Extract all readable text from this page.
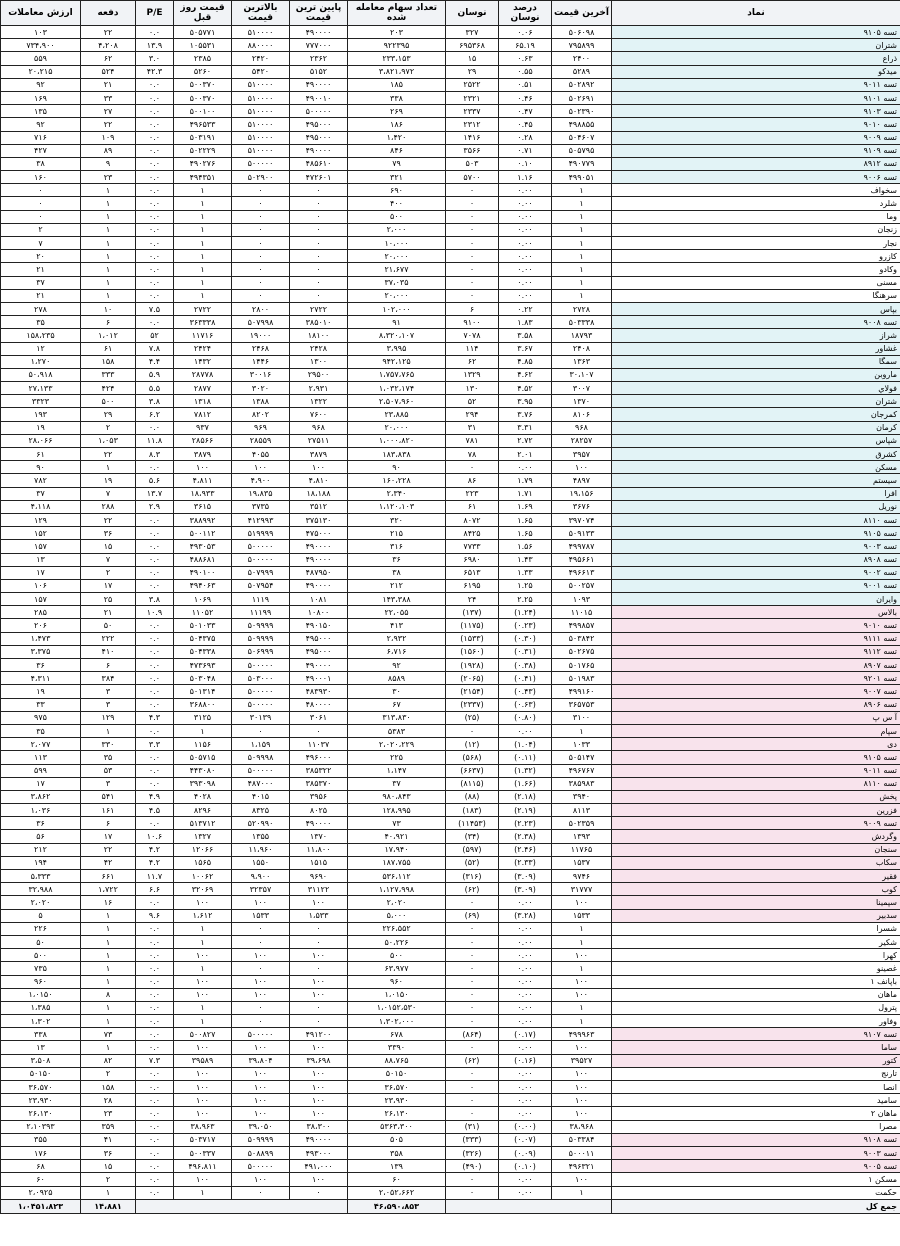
ارزش معاملات	دفعه	P/E	قیمت روز قبل	بالاترین قیمت	پایین ترین قیمت	تعداد سهام معامله شده	نوسان	درصد نوسان	آخرین قیمت	نماد
۱۰۳	۲۲	۰.۰	۵۰۵۷۷۱	۵۱۰۰۰۰	۴۹۰۰۰۰	۲۰۳	۳۲۷	۰.۰۶	۵۰۶۰۹۸	تسه ۹۱۰۵
۷۳۴،۹۰۰	۴،۲۰۸	۱۳.۹	۱۰۵۵۳۱	۸۸۰۰۰۰	۷۷۷۰۰۰	۹۲۲۳۹۵	۶۹۵۳۶۸	۶۵.۱۹	۷۹۵۸۹۹	شتران
۵۵۹	۶۲	۳.۰	۲۳۸۵	۲۴۲۰	۲۳۶۲	۲۳۳،۱۵۳	۱۵	۰.۶۳	۲۴۰۰	ذراع
۲۰،۲۱۵	۵۲۴	۴۲.۳	۵۲۶۰	۵۴۲۰	۵۱۵۲	۳،۸۲۱،۹۷۲	۲۹	۰.۵۵	۵۲۸۹	میدکو
۹۲	۲۱	۰.۰	۵۰۰۳۷۰	۵۱۰۰۰۰	۴۹۰۰۰۰	۱۸۵	۲۵۲۲	۰.۵۱	۵۰۲۸۹۲	تسه ۹۰۱۱
۱۶۹	۳۳	۰.۰	۵۰۰۳۷۰	۵۱۰۰۰۰	۴۹۰۰۱۰	۳۳۸	۲۳۲۱	۰.۴۶	۵۰۲۶۹۱	تسه ۹۱۰۱
۱۳۵	۲۷	۰.۰	۵۰۰۱۰۰	۵۱۰۰۰۰	۵۰۰۰۰۰	۲۶۹	۲۳۳۷	۰.۴۷	۵۰۲۳۹۰	تسه ۹۱۰۳
۹۲	۲۲	۰.۰	۴۹۶۵۳۳	۵۱۰۰۰۰	۴۹۵۰۰۰	۱۸۶	۲۳۱۲	۰.۴۵	۴۹۸۸۵۵	تسه ۹۰۱۰
۷۱۶	۱۰۹	۰.۰	۵۰۳۱۹۱	۵۱۰۰۰۰	۴۹۵۰۰۰	۱،۴۲۰	۱۴۱۶	۰.۲۸	۵۰۴۶۰۷	تسه ۹۰۰۹
۴۲۷	۸۹	۰.۰	۵۰۲۲۲۹	۵۱۰۰۰۰	۴۹۰۰۰۰	۸۴۶	۳۵۶۶	۰.۷۱	۵۰۵۷۹۵	تسه ۹۱۰۹
۳۸	۹	۰.۰	۴۹۰۲۷۶	۵۰۰۰۰۰	۴۸۵۶۱۰	۷۹	۵۰۳	۰.۱۰	۴۹۰۷۷۹	تسه ۸۹۱۲
۱۶۰	۲۳	۰.۰	۴۹۴۳۵۱	۵۰۲۹۰۰	۴۷۲۶۰۱	۳۲۱	۵۷۰۰	۱.۱۶	۴۹۹۰۵۱	تسه ۹۰۰۶
۰	۱	۰.۰	۱	۰	۰	۶۹۰	۰	۰.۰۰	۱	سخواف
۰	۱	۰.۰	۱	۰	۰	۴۰۰	۰	۰.۰۰	۱	شلرد
۰	۱	۰.۰	۱	۰	۰	۵۰۰	۰	۰.۰۰	۱	وما
۲	۱	۰.۰	۱	۰	۰	۲،۰۰۰	۰	۰.۰۰	۱	زنجان
۷	۱	۰.۰	۱	۰	۰	۱۰،۰۰۰	۰	۰.۰۰	۱	نجار
۲۰	۱	۰.۰	۱	۰	۰	۲۰،۰۰۰	۰	۰.۰۰	۱	کازرو
۲۱	۱	۰.۰	۱	۰	۰	۲۱،۶۷۷	۰	۰.۰۰	۱	وکادو
۳۷	۱	۰.۰	۱	۰	۰	۳۷،۰۳۵	۰	۰.۰۰	۱	مسنی
۲۱	۱	۰.۰	۱	۰	۰	۲۰،۰۰۰	۰	۰.۰۰	۱	سرهنگا
۲۷۸	۱۰	۷.۵	۲۷۲۲	۲۸۰۰	۲۷۲۲	۱۰۲،۰۰۰	۶	۰.۲۲	۲۷۲۸	بپاس
۳۵	۶	۰.۰	۳۶۳۳۳۸	۵۰۷۹۹۸	۳۸۵۰۱۰	۹۱	۹۱۰۰	۱.۸۳	۵۰۳۳۳۸	تسه ۹۰۰۸
۱۵۸،۲۳۵	۱،۰۱۲	۵۲	۱۱۷۱۶	۱۹۰۰۰	۱۸۱۰۰	۸،۳۲۰،۱۰۷	۷۰۷۸	۳.۵۸	۱۸۷۹۳	شراز
۱۲	۶۱	۷.۸	۲۴۲۴	۲۴۶۸	۲۴۲۸	۳،۹۹۵	۱۱۴	۳.۶۷	۲۴۰۸	غشاور
۱،۲۷۰	۱۵۸	۴.۴	۱۴۳۲	۱۴۴۶	۱۳۰۰	۹۴۲،۱۲۵	۶۲	۴.۸۵	۱۳۶۳	سمگا
۵۰،۹۱۸	۳۳۳	۵.۹	۲۸۷۷۸	۳۰۰۱۶	۲۹۵۰۰	۱،۷۵۷،۷۶۵	۱۳۲۹	۴.۶۲	۳۰،۱۰۷	ماروبن
۲۷،۱۳۳	۴۲۴	۵.۵	۲۸۷۷	۳۰۲۰	۲،۹۳۱	۱،۰۳۲،۱۷۴	۱۳۰	۴.۵۲	۳۰۰۷	فولاي
۳۳۲۳	۵۰۰	۳.۸	۱۳۱۸	۱۳۸۸	۱۳۲۲	۲،۵۰۷،۹۶۰	۵۲	۳.۹۵	۱۳۷۰	شتران
۱۹۳	۲۹	۶.۲	۷۸۱۲	۸۲۰۲	۷۶۰۰	۲۳،۸۸۵	۲۹۴	۳.۷۶	۸۱۰۶	کمرجان
۱۹	۲	۰.۰	۹۳۷	۹۶۹	۹۶۸	۲۰،۰۰۰	۳۱	۳.۳۱	۹۶۸	کرمان
۲۸،۰۶۶	۱،۰۵۳	۱۱.۸	۲۸۵۶۶	۲۸۵۵۹	۲۷۵۱۱	۱،۰۰۰،۸۲۰	۷۸۱	۲.۷۲	۲۸۲۵۷	شپاس
۶۱	۲۲	۸.۳	۳۸۷۹	۴۰۵۵	۳۸۷۹	۱۸۳،۸۳۸	۷۸	۲.۰۱	۳۹۵۷	کشرق
۹۰	۱	۰.۰	۱۰۰	۱۰۰	۱۰۰	۹۰	۰	۰.۰۰	۱۰۰	مسکن
۷۸۲	۱۹	۵.۶	۴،۸۱۱	۴،۹۰۰	۴،۸۱۰	۱۶۰،۲۲۸	۸۶	۱.۷۹	۴۸۹۷	سیستم
۳۷	۷	۱۳.۷	۱۸،۹۳۳	۱۹،۸۳۵	۱۸،۱۸۸	۲،۳۴۰	۲۲۳	۱.۷۱	۱۹،۱۵۶	افرا
۴،۱۱۸	۲۸۸	۲.۹	۳۶۱۵	۳۷۳۵	۳۵۱۲	۱،۱۲۰،۱۰۳	۶۱	۱.۶۹	۳۶۷۶	نوریل
۱۲۹	۲۲	۰.۰	۳۸۸۹۹۲	۴۱۲۹۹۳	۳۷۵۱۳۰	۳۲۰	۸۰۷۲	۱.۶۵	۳۹۷۰۷۴	تسه ۸۱۱۰
۱۵۲	۳۶	۰.۰	۵۰۰۱۱۲	۵۱۹۹۹۹	۴۷۵۰۰۰	۲۱۵	۸۴۲۵	۱.۶۵	۵۰۹۱۳۳	تسه ۹۱۰۵
۱۵۷	۱۵	۰.۰	۴۹۳۰۵۳	۵۰۰۰۰۰	۴۹۰۰۰۰	۳۱۶	۷۷۳۳	۱.۵۶	۴۹۹۷۸۷	تسه ۹۰۰۳
۱۳	۷	۰.۰	۴۸۸۶۸۱	۵۰۰۰۰۰	۴۹۰۰۰۰	۳۶	۶۹۸۰	۱.۴۳	۴۹۵۶۶۱	تسه ۸۹۰۸
۱۷	۲	۰.۰	۴۹۰۱۰۰	۵۰۷۹۹۹	۴۸۷۹۵۰	۳۸	۶۵۱۳	۱.۳۳	۴۹۶۶۱۳	تسه ۹۰۰۲
۱۰۶	۱۷	۰.۰	۴۹۴۰۶۳	۵۰۷۹۵۴	۴۹۰۰۰۰	۲۱۲	۶۱۹۵	۱.۲۵	۵۰۰۲۵۷	تسه ۹۰۰۱
۱۵۷	۲۵	۳.۸	۱۰۶۹	۱۱۱۹	۱۰۸۱	۱۴۳،۳۸۸	۲۴	۲.۲۵	۱۰۹۳	وایران
۲۸۵	۲۱	۱۰.۹	۱۱۰۵۲	۱۱۱۹۹	۱۰۸۰۰	۲۲،۰۵۵	(۱۳۷)	(۱.۲۴)	۱۱۰۱۵	بالاس
۲۰۶	۵۰	۰.۰	۵۰۱۰۳۳	۵۰۹۹۹۹	۴۹۰۱۵۰	۴۱۳	(۱۱۷۵)	(۰.۲۳)	۴۹۹۸۵۷	تسه ۹۰۱۰
۱،۴۷۳	۲۲۲	۰.۰	۵۰۴۳۷۵	۵۰۹۹۹۹	۴۹۵۰۰۰	۲،۹۳۲	(۱۵۳۳)	(۰.۳۰)	۵۰۳۸۴۲	تسه ۹۱۱۱
۳،۳۷۵	۴۱۰	۰.۰	۵۰۴۳۳۸	۵۰۶۹۹۹	۴۹۵۰۰۰	۶،۷۱۶	(۱۵۶۰)	(۰.۳۱)	۵۰۲۶۷۵	تسه ۹۱۱۲
۳۶	۶	۰.۰	۴۷۳۶۹۳	۵۰۰۰۰۰	۴۹۰۰۰۰	۹۲	(۱۹۲۸)	(۰.۳۸)	۵۰۱۷۶۵	تسه ۸۹۰۷
۴،۳۱۱	۳۸۴	۰.۰	۵۰۳۰۴۸	۵۰۳۰۰۰	۴۹۰۰۰۱	۸۵۸۹	(۲۰۶۵)	(۰.۴۱)	۵۰۱۹۸۳	تسه ۹۲۰۱
۱۹	۳	۰.۰	۵۰۱۳۱۴	۵۰۰۰۰۰	۴۸۳۹۳۰	۳۰	(۲۱۵۴)	(۰.۴۳)	۴۹۹۱۶۰	تسه ۹۰۰۷
۳۳	۳	۰.۰	۳۶۸۸۰۰	۵۰۰۰۰۰	۴۸۰۰۰۰	۶۷	(۲۳۳۷)	(۰.۶۳)	۳۶۵۷۵۳	تسه ۸۹۰۶
۹۷۵	۱۲۹	۴.۳	۳۱۲۵	۳۰۱۳۹	۳۰۶۱	۳۱۳،۸۳۰	(۲۵)	(۰.۸۰)	۳۱۰۰	آ س پ
۳۵	۱	۰.۰	۱	۰	۰	۵۳۸۳	۰	۰.۰۰	۱	سپام
۲،۰۷۷	۳۳۰	۳.۳	۱۱۵۶	۱،۱۵۹	۱۱۰۳۷	۲،۰۲۰،۲۲۹	(۱۲)	(۱.۰۴)	۱۰۳۳	دی
۱۱۳	۳۵	۰.۰	۵۰۵۷۱۵	۵۰۹۹۹۸	۴۹۶۰۰۰	۲۲۵	(۵۶۸)	(۰.۱۱)	۵۰۵۱۴۷	تسه ۹۱۰۵
۵۹۹	۵۳	۰.۰	۴۴۳۰۸۰	۵۰۰۰۰۰	۳۸۵۳۲۲	۱،۱۴۷	(۶۶۳۷)	(۱.۳۲)	۴۹۶۷۶۷	تسه ۹۰۱۱
۱۷	۳	۰.۰	۳۹۳۰۹۸	۴۸۷۰۰۰	۳۸۵۳۷۰	۳۷	(۸۱۱۵)	(۱.۶۶)	۳۸۵۹۸۳	تسه ۸۱۱۰
۳،۸۶۲	۵۴۱	۴.۹	۴۰۲۸	۴۰۱۵	۳۹۵۶	۹۸۰،۸۴۳	(۸۸)	(۲.۱۸)	۳۹۴۰	پخش
۱،۰۳۶	۱۶۱	۴.۵	۸۲۹۶	۸۳۲۵	۸۰۲۵	۱۲۸،۹۹۵	(۱۸۳)	(۲.۱۹)	۸۱۱۳	فزرین
۳۶	۶	۰.۰	۵۱۳۷۱۲	۵۲۰۹۹۰	۴۹۰۰۰۰	۷۳	(۱۱۴۵۳)	(۲.۲۳)	۵۰۲۳۵۹	تسه ۹۰۰۹
۵۶	۱۷	۱۰.۶	۱۳۲۷	۱۳۵۵	۱۳۷۰	۴۰،۹۲۱	(۳۴)	(۲.۳۸)	۱۳۹۳	وگردش
۲۱۲	۲۲	۴.۲	۱۲۰۶۶	۱۱،۹۶۰	۱۱،۸۰۰	۱۷،۹۴۰	(۵۹۷)	(۲.۴۶)	۱۱۷۶۵	سنجان
۱۹۴	۴۲	۴.۲	۱۵۶۵	۱۵۵۰	۱۵۱۵	۱۸۷،۷۵۵	(۵۲)	(۲.۳۳)	۱۵۳۷	سکاب
۵،۳۳۳	۶۶۱	۱۱.۷	۱۰۰۶۲	۹،۹۰۰	۹۶۹۰	۵۳۶،۱۱۲	(۳۱۶)	(۳.۰۹)	۹۷۴۶	فقیر
۳۲،۹۸۸	۱،۷۲۲	۶.۶	۳۲۰۶۹	۳۲۳۵۷	۳۱۱۲۲	۱،۱۲۷،۹۹۸	(۶۲)	(۳.۰۹)	۳۱۷۷۷	کوب
۲،۰۲۰	۱۶	۰.۰	۱۰۰	۱۰۰	۱۰۰	۲،۰۲۰	۰	۰.۰۰	۱۰۰	سپمینا
۵	۱	۹.۶	۱،۶۱۲	۱۵۳۳	۱،۵۳۳	۵،۰۰۰	(۶۹)	(۳.۲۸)	۱۵۳۳	سدبیر
۲۲۶	۱	۰.۰	۱	۰	۰	۲۲۶،۵۵۲	۰	۰.۰۰	۱	شسرا
۵۰	۱	۰.۰	۱	۰	۰	۵۰،۲۲۶	۰	۰.۰۰	۱	شکیر
۵۰۰	۱	۰.۰	۱۰۰	۱۰۰	۱۰۰	۵۰۰	۰	۰.۰۰	۱۰۰	کهرا
۷۳۵	۱	۰.۰	۱	۰	۰	۶۳،۹۷۷	۰	۰.۰۰	۱	غصینو
۹۶۰	۱	۰.۰	۱۰۰	۱۰۰	۱۰۰	۹۶۰	۰	۰.۰۰	۱۰۰	باپانف ۱
۱،۰۱۵۰	۸	۰.۰	۱۰۰	۱۰۰	۱۰۰	۱،۰۱۵۰	۰	۰.۰۰	۱۰۰	ماهان
۱،۳۸۵	۱	۰.۰	۱	۰	۰	۱،۰۱۵۲،۵۳۰	۰	۰.۰۰	۱	پترول
۱،۳۰۲	۱	۰.۰	۱	۰	۰	۱،۳۰۲،۰۰۰	۰	۰.۰۰	۱	وفاور
۳۳۸	۷۳	۰.۰	۵۰۰۸۲۷	۵۰۰۰۰۰	۴۹۱۲۰۰	۶۷۸	(۸۶۴)	(۰.۱۷)	۴۹۹۹۶۳	تسه ۹۱۰۷
۱۳	۱	۰.۰	۱۰۰	۱۰۰	۱۰۰	۳۳۹۰	۰	۰.۰۰	۱۰۰	ساما
۳،۵۰۸	۸۲	۷.۳	۳۹۵۸۹	۳۹،۸۰۴	۳۹،۶۹۸	۸۸،۷۶۵	(۶۲)	(۰.۱۶)	۳۹۵۲۷	کتور
۵۰۱۵۰	۲	۰.۰	۱۰۰	۱۰۰	۱۰۰	۵۰۱۵۰	۰	۰.۰۰	۱۰۰	تارنج
۳۶،۵۷۰	۱۵۸	۰.۰	۱۰۰	۱۰۰	۱۰۰	۳۶،۵۷۰	۰	۰.۰۰	۱۰۰	انصا
۲۳،۹۳۰	۲۸	۰.۰	۱۰۰	۱۰۰	۱۰۰	۲۳،۹۳۰	۰	۰.۰۰	۱۰۰	سامید
۲۶،۱۳۰	۲۳	۰.۰	۱۰۰	۱۰۰	۱۰۰	۲۶،۱۳۰	۰	۰.۰۰	۱۰۰	ماهان ۲
۲،۱۰۳۹۳	۳۵۹	۰.۰	۳۸،۹۶۳	۳۹،۰۵۰	۳۸،۳۰۰	۵۳۶۳،۳۰۰	(۳۱)	(۰.۰۰)	۳۸،۹۶۸	مصرا
۳۵۵	۴۱	۰.۰	۵۰۳۷۱۷	۵۰۹۹۹۹	۴۹۰۰۰۰	۵۰۵	(۳۳۳)	(۰.۰۷)	۵۰۳۳۸۴	تسه ۹۱۰۸
۱۷۶	۳۶	۰.۰	۵۰۰۳۳۷	۵۰۸۸۹۹	۴۹۳۰۰۰	۳۵۸	(۳۲۶)	(۰.۰۹)	۵۰۰۰۱۱	تسه ۹۰۰۳
۶۸	۱۵	۰.۰	۴۹۶،۸۱۱	۵۰۰۰۰۰	۴۹۱،۰۰۰	۱۳۹	(۴۹۰)	(۰.۱۰)	۴۹۶۳۲۱	تسه ۹۰۰۵
۶۰	۲	۰.۰	۱۰۰	۱۰۰	۱۰۰	۶۰	۰	۰.۰۰	۱۰۰	مسکن ۱
۲،۰۹۲۵	۱	۰.۰	۱	۰	۰	۲،۰۵۲،۶۶۲	۰	۰.۰۰	۱	حکمت
۱،۰۴۵۱،۸۲۳	۱۴،۸۸۱					۴۶،۵۹۰،۸۵۳				جمع کل
